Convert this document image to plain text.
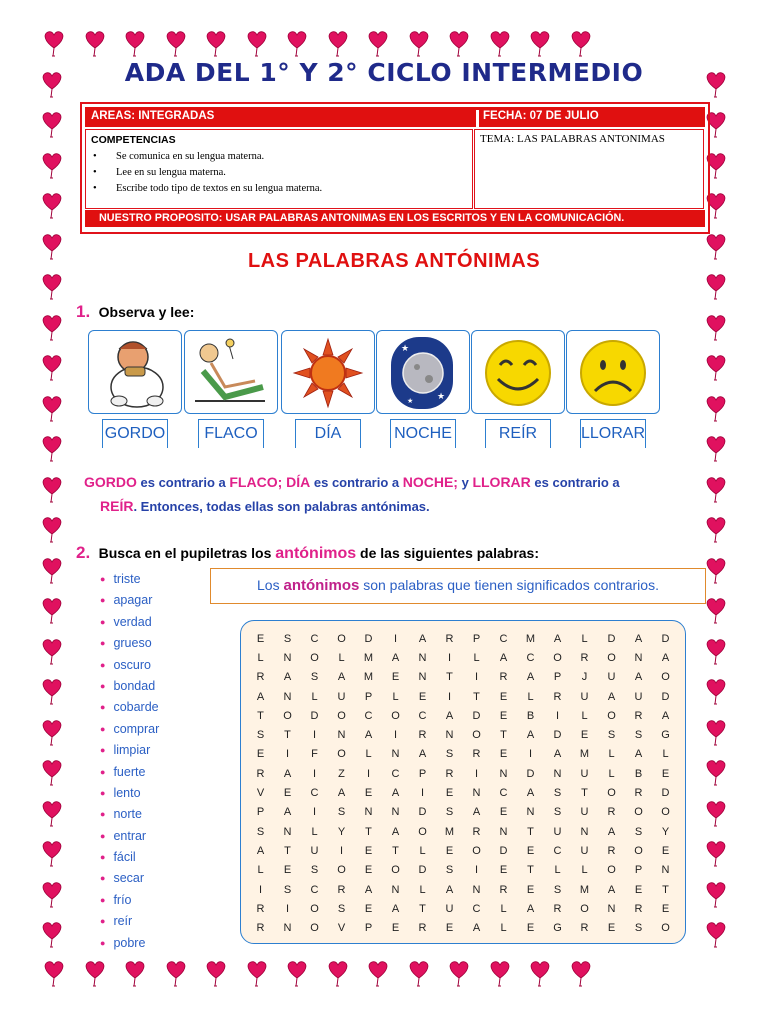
ADA DEL 1° Y 2° CICLO INTERMEDIO
AREAS: INTEGRADAS	FECHA: 07 DE JULIO
COMPETENCIAS
• Se comunica en su lengua materna.
• Lee en su lengua materna.
• Escribe todo tipo de textos en su lengua materna.
TEMA: LAS PALABRAS ANTONIMAS
NUESTRO PROPOSITO: USAR PALABRAS ANTONIMAS EN LOS ESCRITOS Y EN LA COMUNICACIÓN.
LAS PALABRAS ANTÓNIMAS
1. Observa y lee:
★
★
★
GORDO	FLACO	DÍA	NOCHE	REÍR	LLORAR
GORDO es contrario a FLACO; DÍA es contrario a NOCHE; y LLORAR es contrario a
REÍR. Entonces, todas ellas son palabras antónimas.
2. Busca en el pupiletras los antónimos de las siguientes palabras:
● triste
● apagar
● verdad
● grueso
● oscuro
● bondad
● cobarde
● comprar
● limpiar
● fuerte
● lento
● norte
● entrar
● fácil
● secar
● frío
● reír
● pobre
Los antónimos son palabras que tienen significados contrarios.
E	S	C	O	D	I	A	R	P	C	M	A	L	D	A	D
L	N	O	L	M	A	N	I	L	A	C	O	R	O	N	A
R	A	S	A	M	E	N	T	I	R	A	P	J	U	A	O
A	N	L	U	P	L	E	I	T	E	L	R	U	A	U	D
T	O	D	O	C	O	C	A	D	E	B	I	L	O	R	A
S	T	I	N	A	I	R	N	O	T	A	D	E	S	S	G
E	I	F	O	L	N	A	S	R	E	I	A	M	L	A	L
R	A	I	Z	I	C	P	R	I	N	D	N	U	L	B	E
V	E	C	A	E	A	I	E	N	C	A	S	T	O	R	D
P	A	I	S	N	N	D	S	A	E	N	S	U	R	O	O
S	N	L	Y	T	A	O	M	R	N	T	U	N	A	S	Y
A	T	U	I	E	T	L	E	O	D	E	C	U	R	O	E
L	E	S	O	E	O	D	S	I	E	T	L	L	O	P	N
I	S	C	R	A	N	L	A	N	R	E	S	M	A	E	T
R	I	O	S	E	A	T	U	C	L	A	R	O	N	R	E
R	N	O	V	P	E	R	E	A	L	E	G	R	E	S	O
